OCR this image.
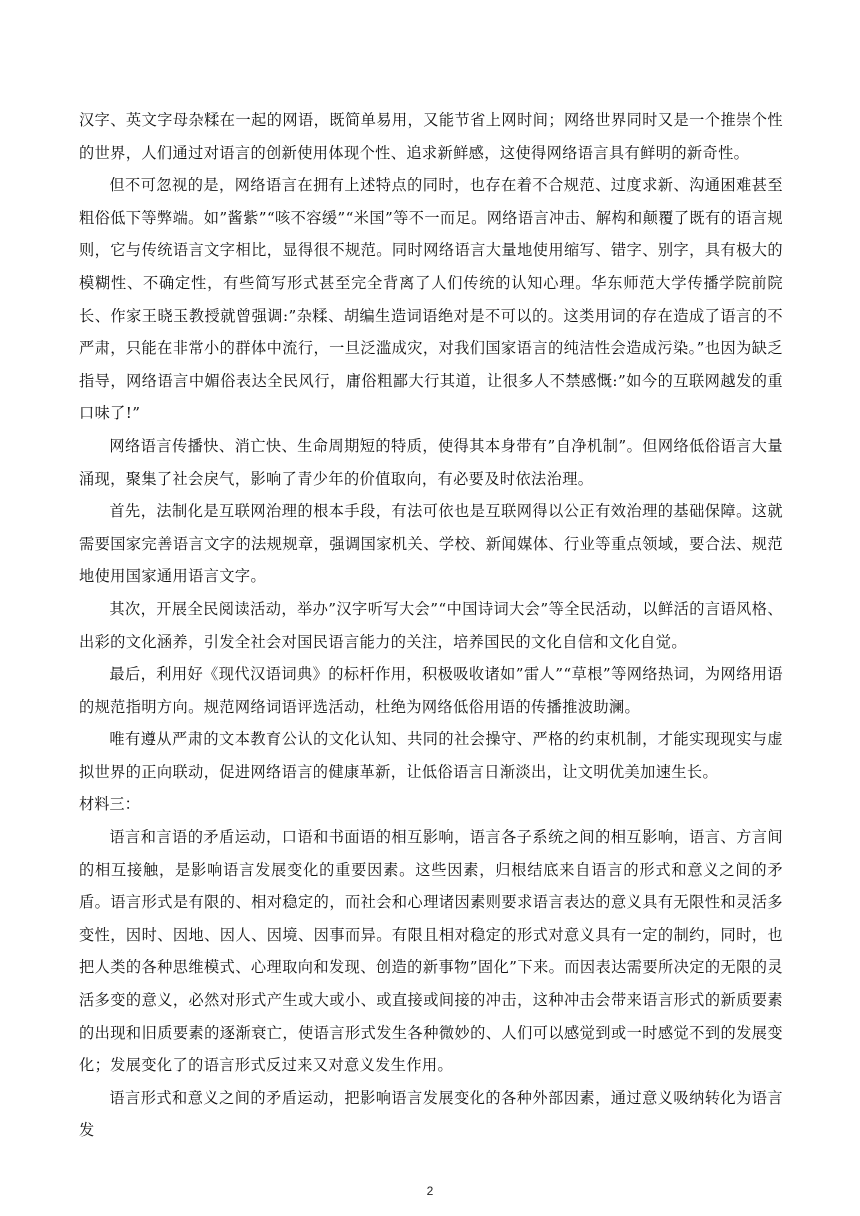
汉字、英文字母杂糅在一起的网语，既简单易用，又能节省上网时间；网络世界同时又是一个推崇个性的世界，人们通过对语言的创新使用体现个性、追求新鲜感，这使得网络语言具有鲜明的新奇性。

但不可忽视的是，网络语言在拥有上述特点的同时，也存在着不合规范、过度求新、沟通困难甚至粗俗低下等弊端。如”酱紫”“咳不容缓”“米国”等不一而足。网络语言冲击、解构和颠覆了既有的语言规则，它与传统语言文字相比，显得很不规范。同时网络语言大量地使用缩写、错字、别字，具有极大的模糊性、不确定性，有些简写形式甚至完全背离了人们传统的认知心理。华东师范大学传播学院前院长、作家王晓玉教授就曾强调:”杂糅、胡编生造词语绝对是不可以的。这类用词的存在造成了语言的不严肃，只能在非常小的群体中流行，一旦泛滥成灾，对我们国家语言的纯洁性会造成污染。”也因为缺乏指导，网络语言中媚俗表达全民风行，庸俗粗鄙大行其道，让很多人不禁感慨:”如今的互联网越发的重口味了!”

网络语言传播快、消亡快、生命周期短的特质，使得其本身带有”自净机制”。但网络低俗语言大量涌现，聚集了社会戾气，影响了青少年的价值取向，有必要及时依法治理。

首先，法制化是互联网治理的根本手段，有法可依也是互联网得以公正有效治理的基础保障。这就需要国家完善语言文字的法规规章，强调国家机关、学校、新闻媒体、行业等重点领域，要合法、规范地使用国家通用语言文字。

其次，开展全民阅读活动，举办”汉字听写大会”“中国诗词大会”等全民活动，以鲜活的言语风格、出彩的文化涵养，引发全社会对国民语言能力的关注，培养国民的文化自信和文化自觉。

最后，利用好《现代汉语词典》的标杆作用，积极吸收诸如”雷人”“草根”等网络热词，为网络用语的规范指明方向。规范网络词语评选活动，杜绝为网络低俗用语的传播推波助澜。

唯有遵从严肃的文本教育公认的文化认知、共同的社会操守、严格的约束机制，才能实现现实与虚拟世界的正向联动，促进网络语言的健康革新，让低俗语言日渐淡出，让文明优美加速生长。

材料三：

语言和言语的矛盾运动，口语和书面语的相互影响，语言各子系统之间的相互影响，语言、方言间的相互接触，是影响语言发展变化的重要因素。这些因素，归根结底来自语言的形式和意义之间的矛盾。语言形式是有限的、相对稳定的，而社会和心理诸因素则要求语言表达的意义具有无限性和灵活多变性，因时、因地、因人、因境、因事而异。有限且相对稳定的形式对意义具有一定的制约，同时，也把人类的各种思维模式、心理取向和发现、创造的新事物”固化”下来。而因表达需要所决定的无限的灵活多变的意义，必然对形式产生或大或小、或直接或间接的冲击，这种冲击会带来语言形式的新质要素的出现和旧质要素的逐渐衰亡，使语言形式发生各种微妙的、人们可以感觉到或一时感觉不到的发展变化；发展变化了的语言形式反过来又对意义发生作用。

语言形式和意义之间的矛盾运动，把影响语言发展变化的各种外部因素，通过意义吸纳转化为语言发

2
